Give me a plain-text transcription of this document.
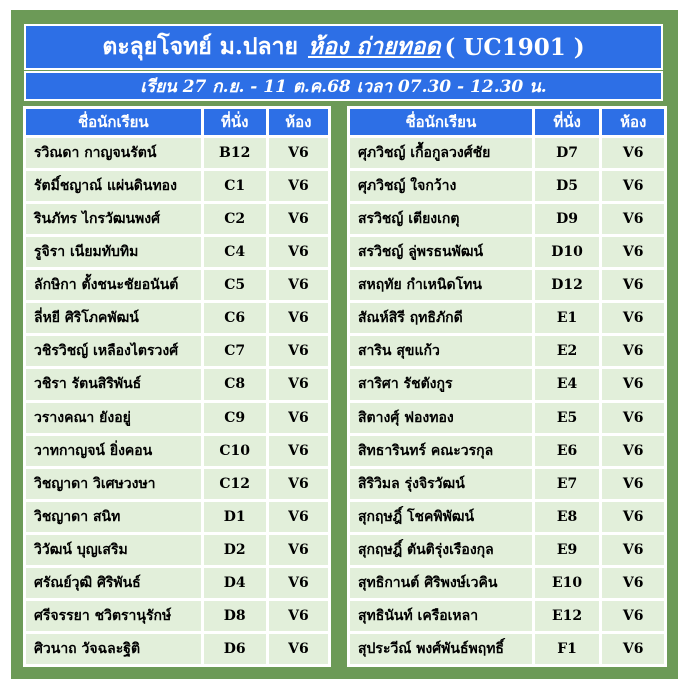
ตะลุยโจทย์ ม.ปลาย ห้อง ถ่ายทอด ( UC1901 )
เรียน 27 ก.ย. - 11 ต.ค.68 เวลา 07.30 - 12.30 น.
ชื่อนักเรียน	ที่นั่ง	ห้อง
รวิณดา กาญจนรัตน์	B12	V6
รัตมิ์ชญาณ์ แผ่นดินทอง	C1	V6
รินภัทร ไกรวัฒนพงศ์	C2	V6
รูจิรา เนียมทับทิม	C4	V6
ลักษิกา ตั้งชนะชัยอนันต์	C5	V6
ลี่หยี ศิริโภคพัฒน์	C6	V6
วชิรวิชญ์ เหลืองไตรวงศ์	C7	V6
วชิรา รัตนสิริพันธ์	C8	V6
วรางคณา ยังอยู่	C9	V6
วาทกาญจน์ ยิ่งคอน	C10	V6
วิชญาดา วิเศษวงษา	C12	V6
วิชญาดา สนิท	D1	V6
วิวัฒน์ บุญเสริม	D2	V6
ศรัณย์วุฒิ ศิริพันธ์	D4	V6
ศรีจรรยา ชวิตรานุรักษ์	D8	V6
ศิวนาถ วัจฉละฐิติ	D6	V6
ชื่อนักเรียน	ที่นั่ง	ห้อง
ศุภวิชญ์ เกื้อกูลวงศ์ชัย	D7	V6
ศุภวิชญ์ ใจกว้าง	D5	V6
สรวิชญ์ เตียงเกตุ	D9	V6
สรวิชญ์ ลู่พรธนพัฒน์	D10	V6
สหฤทัย กำเหนิดโทน	D12	V6
สัณห์สิรี ฤทธิภักดี	E1	V6
สาริน สุขแก้ว	E2	V6
สาริศา รัชตังกูร	E4	V6
สิตางศุ์ ฟองทอง	E5	V6
สิทธารินทร์ คณะวรกุล	E6	V6
สิริวิมล รุ่งจิรวัฒน์	E7	V6
สุกฤษฎิ์ โชคพิพัฒน์	E8	V6
สุกฤษฎิ์ ตันติรุ่งเรืองกุล	E9	V6
สุทธิกานต์ ศิริพงษ์เวคิน	E10	V6
สุทธินันท์ เครือเหลา	E12	V6
สุประวีณ์ พงศ์พันธ์พฤทธิ์	F1	V6
